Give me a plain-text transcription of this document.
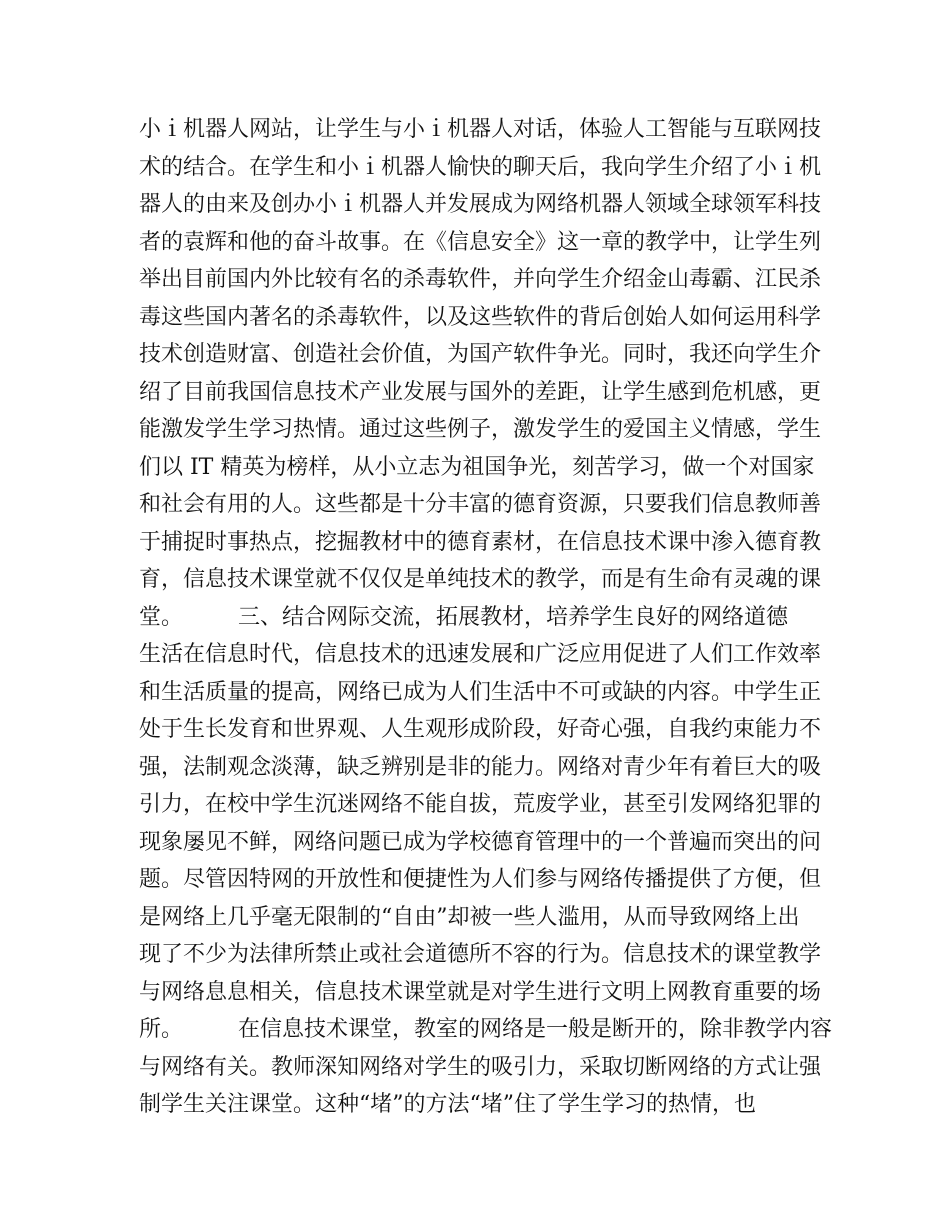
小ｉ机器人网站，让学生与小ｉ机器人对话，体验人工智能与互联网技
术的结合。在学生和小ｉ机器人愉快的聊天后，我向学生介绍了小ｉ机
器人的由来及创办小ｉ机器人并发展成为网络机器人领域全球领军科技
者的袁辉和他的奋斗故事。在《信息安全》这一章的教学中，让学生列
举出目前国内外比较有名的杀毒软件，并向学生介绍金山毒霸、江民杀
毒这些国内著名的杀毒软件，以及这些软件的背后创始人如何运用科学
技术创造财富、创造社会价值，为国产软件争光。同时，我还向学生介
绍了目前我国信息技术产业发展与国外的差距，让学生感到危机感，更
能激发学生学习热情。通过这些例子，激发学生的爱国主义情感，学生
们以 IT 精英为榜样，从小立志为祖国争光，刻苦学习，做一个对国家
和社会有用的人。这些都是十分丰富的德育资源，只要我们信息教师善
于捕捉时事热点，挖掘教材中的德育素材，在信息技术课中渗入德育教
育，信息技术课堂就不仅仅是单纯技术的教学，而是有生命有灵魂的课
堂。　　　三、结合网际交流，拓展教材，培养学生良好的网络道德
生活在信息时代，信息技术的迅速发展和广泛应用促进了人们工作效率
和生活质量的提高，网络已成为人们生活中不可或缺的内容。中学生正
处于生长发育和世界观、人生观形成阶段，好奇心强，自我约束能力不
强，法制观念淡薄，缺乏辨别是非的能力。网络对青少年有着巨大的吸
引力，在校中学生沉迷网络不能自拔，荒废学业，甚至引发网络犯罪的
现象屡见不鲜，网络问题已成为学校德育管理中的一个普遍而突出的问
题。尽管因特网的开放性和便捷性为人们参与网络传播提供了方便，但
是网络上几乎毫无限制的“自由”却被一些人滥用，从而导致网络上出
现了不少为法律所禁止或社会道德所不容的行为。信息技术的课堂教学
与网络息息相关，信息技术课堂就是对学生进行文明上网教育重要的场
所。　　　在信息技术课堂，教室的网络是一般是断开的，除非教学内容
与网络有关。教师深知网络对学生的吸引力，采取切断网络的方式让强
制学生关注课堂。这种“堵”的方法“堵”住了学生学习的热情，也
